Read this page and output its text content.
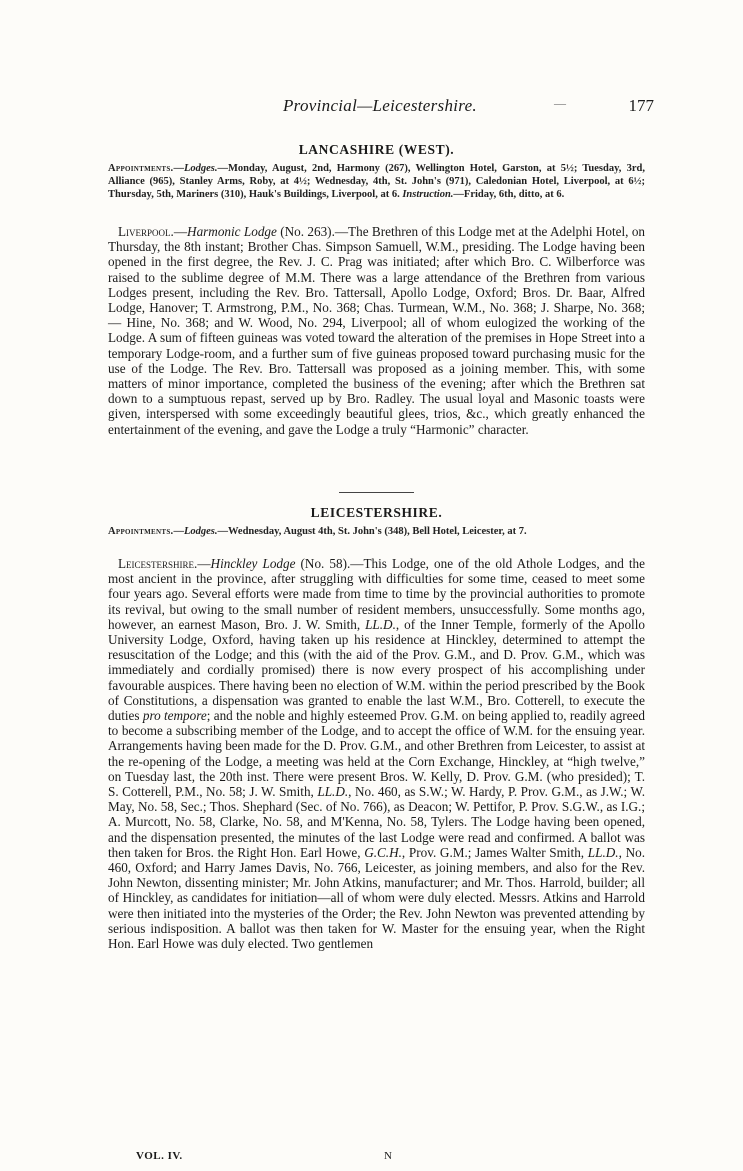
Provincial—Leicestershire.	—	177
LANCASHIRE (WEST).

Appointments.—Lodges.—Monday, August, 2nd, Harmony (267), Wellington Hotel, Garston, at 5½; Tuesday, 3rd, Alliance (965), Stanley Arms, Roby, at 4½; Wednesday, 4th, St. John's (971), Caledonian Hotel, Liverpool, at 6½; Thursday, 5th, Mariners (310), Hauk's Buildings, Liverpool, at 6. Instruction.—Friday, 6th, ditto, at 6.

Liverpool.—Harmonic Lodge (No. 263).—The Brethren of this Lodge met at the Adelphi Hotel, on Thursday, the 8th instant; Brother Chas. Simpson Samuell, W.M., presiding. The Lodge having been opened in the first degree, the Rev. J. C. Prag was initiated; after which Bro. C. Wilberforce was raised to the sublime degree of M.M. There was a large attendance of the Brethren from various Lodges present, including the Rev. Bro. Tattersall, Apollo Lodge, Oxford; Bros. Dr. Baar, Alfred Lodge, Hanover; T. Armstrong, P.M., No. 368; Chas. Turmean, W.M., No. 368; J. Sharpe, No. 368; — Hine, No. 368; and W. Wood, No. 294, Liverpool; all of whom eulogized the working of the Lodge. A sum of fifteen guineas was voted toward the alteration of the premises in Hope Street into a temporary Lodge-room, and a further sum of five guineas proposed toward purchasing music for the use of the Lodge. The Rev. Bro. Tattersall was proposed as a joining member. This, with some matters of minor importance, completed the business of the evening; after which the Brethren sat down to a sumptuous repast, served up by Bro. Radley. The usual loyal and Masonic toasts were given, interspersed with some exceedingly beautiful glees, trios, &c., which greatly enhanced the entertainment of the evening, and gave the Lodge a truly “Harmonic” character.

LEICESTERSHIRE.

Appointments.—Lodges.—Wednesday, August 4th, St. John's (348), Bell Hotel, Leicester, at 7.

Leicestershire.—Hinckley Lodge (No. 58).—This Lodge, one of the old Athole Lodges, and the most ancient in the province, after struggling with difficulties for some time, ceased to meet some four years ago. Several efforts were made from time to time by the provincial authorities to promote its revival, but owing to the small number of resident members, unsuccessfully. Some months ago, however, an earnest Mason, Bro. J. W. Smith, LL.D., of the Inner Temple, formerly of the Apollo University Lodge, Oxford, having taken up his residence at Hinckley, determined to attempt the resuscitation of the Lodge; and this (with the aid of the Prov. G.M., and D. Prov. G.M., which was immediately and cordially promised) there is now every prospect of his accomplishing under favourable auspices. There having been no election of W.M. within the period prescribed by the Book of Constitutions, a dispensation was granted to enable the last W.M., Bro. Cotterell, to execute the duties pro tempore; and the noble and highly esteemed Prov. G.M. on being applied to, readily agreed to become a subscribing member of the Lodge, and to accept the office of W.M. for the ensuing year. Arrangements having been made for the D. Prov. G.M., and other Brethren from Leicester, to assist at the re-opening of the Lodge, a meeting was held at the Corn Exchange, Hinckley, at “high twelve,” on Tuesday last, the 20th inst. There were present Bros. W. Kelly, D. Prov. G.M. (who presided); T. S. Cotterell, P.M., No. 58; J. W. Smith, LL.D., No. 460, as S.W.; W. Hardy, P. Prov. G.M., as J.W.; W. May, No. 58, Sec.; Thos. Shephard (Sec. of No. 766), as Deacon; W. Pettifor, P. Prov. S.G.W., as I.G.; A. Murcott, No. 58, Clarke, No. 58, and M'Kenna, No. 58, Tylers. The Lodge having been opened, and the dispensation presented, the minutes of the last Lodge were read and confirmed. A ballot was then taken for Bros. the Right Hon. Earl Howe, G.C.H., Prov. G.M.; James Walter Smith, LL.D., No. 460, Oxford; and Harry James Davis, No. 766, Leicester, as joining members, and also for the Rev. John Newton, dissenting minister; Mr. John Atkins, manufacturer; and Mr. Thos. Harrold, builder; all of Hinckley, as candidates for initiation—all of whom were duly elected. Messrs. Atkins and Harrold were then initiated into the mysteries of the Order; the Rev. John Newton was prevented attending by serious indisposition. A ballot was then taken for W. Master for the ensuing year, when the Right Hon. Earl Howe was duly elected. Two gentlemen

VOL. IV.	N
